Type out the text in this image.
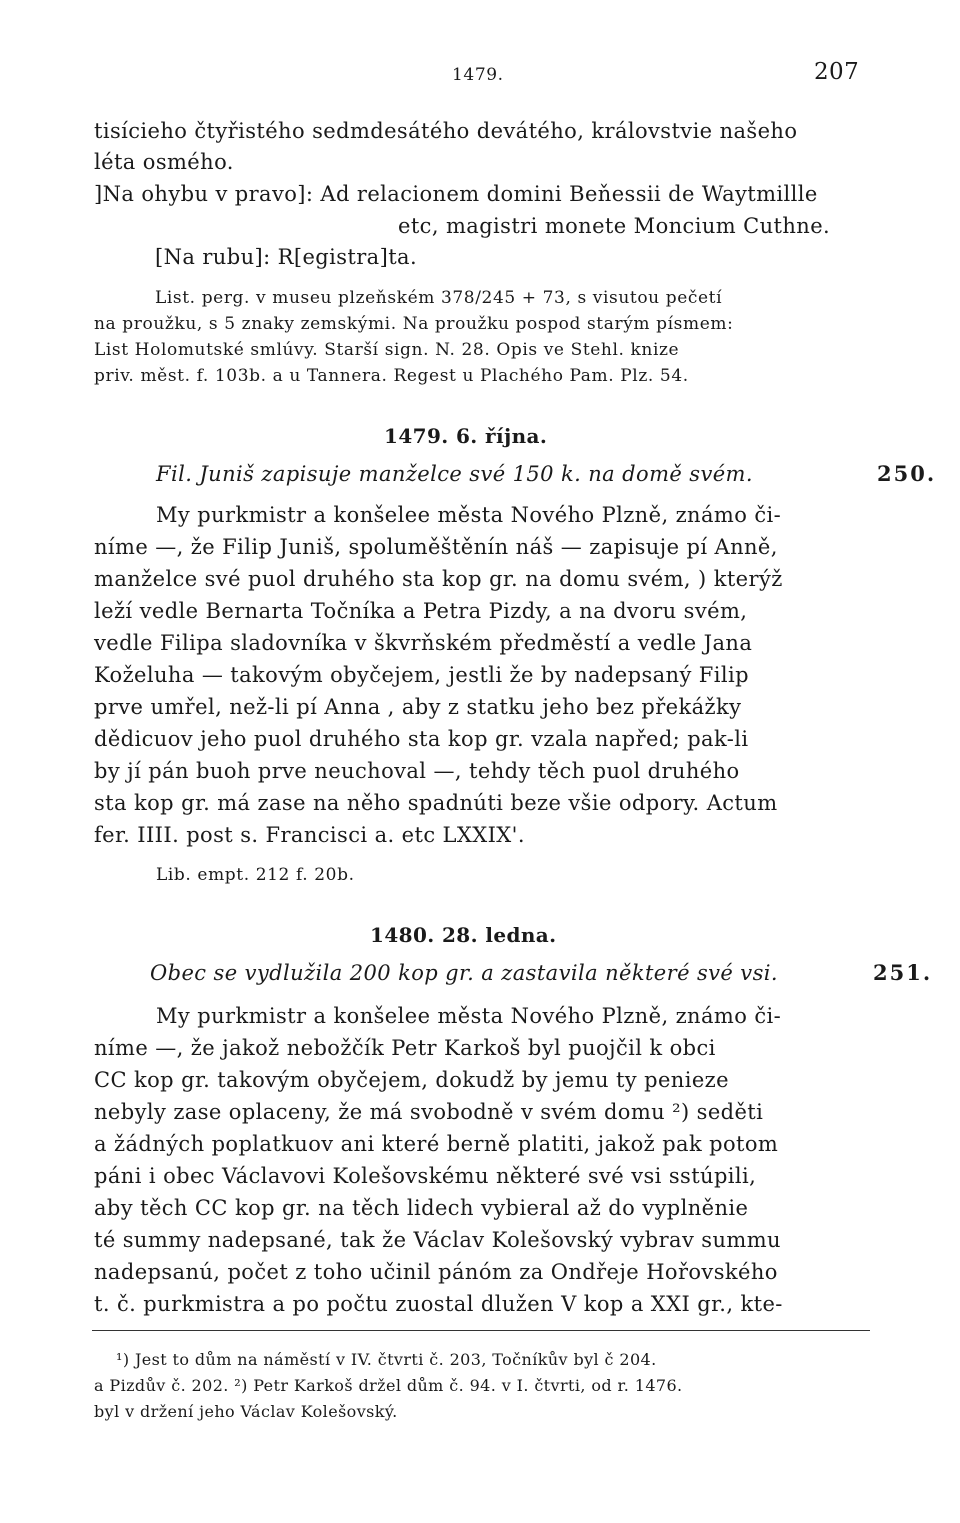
1479.	207
tisícieho čtyřistého sedmdesátého devátého, královstvie našeho
léta osmého.
]Na ohybu v pravo]: Ad relacionem domini Beňessii de Waytmillle
etc, magistri monete Moncium Cuthne.
[Na rubu]: R[egistra]ta.
List. perg. v museu plzeňském 378/245 + 73, s visutou pečetí
na proužku, s 5 znaky zemskými. Na proužku pospod starým písmem:
List Holomutské smlúvy. Starší sign. N. 28. Opis ve Stehl. knize
priv. měst. f. 103b. a u Tannera. Regest u Plachého Pam. Plz. 54.
1479. 6. října.
Fil. Juniš zapisuje manželce své 150 k. na domě svém.	250.
My purkmistr a konšelee města Nového Plzně, známo či-
níme —, že Filip Juniš, spoluměštěnín náš — zapisuje pí Anně,
manželce své puol druhého sta kop gr. na domu svém, ) kterýž
leží vedle Bernarta Točníka a Petra Pizdy, a na dvoru svém,
vedle Filipa sladovníka v škvrňském předměstí a vedle Jana
Koželuha — takovým obyčejem, jestli že by nadepsaný Filip
prve umřel, než-li pí Anna , aby z statku jeho bez překážky
dědicuov jeho puol druhého sta kop gr. vzala napřed; pak-li
by jí pán buoh prve neuchoval —, tehdy těch puol druhého
sta kop gr. má zase na něho spadnúti beze všie odpory. Actum
fer. IIII. post s. Francisci a. etc LXXIX'.
Lib. empt. 212 f. 20b.
1480. 28. ledna.
Obec se vydlužila 200 kop gr. a zastavila některé své vsi.	251.
My purkmistr a konšelee města Nového Plzně, známo či-
níme —, že jakož nebožčík Petr Karkoš byl puojčil k obci
CC kop gr. takovým obyčejem, dokudž by jemu ty penieze
nebyly zase oplaceny, že má svobodně v svém domu ²) seděti
a žádných poplatkuov ani které berně platiti, jakož pak potom
páni i obec Václavovi Kolešovskému některé své vsi sstúpili,
aby těch CC kop gr. na těch lidech vybieral až do vyplněnie
té summy nadepsané, tak že Václav Kolešovský vybrav summu
nadepsanú, počet z toho učinil pánóm za Ondřeje Hořovského
t. č. purkmistra a po počtu zuostal dlužen V kop a XXI gr., kte-
¹) Jest to dům na náměstí v IV. čtvrti č. 203, Točníkův byl č 204.
a Pizdův č. 202. ²) Petr Karkoš držel dům č. 94. v I. čtvrti, od r. 1476.
byl v držení jeho Václav Kolešovský.
